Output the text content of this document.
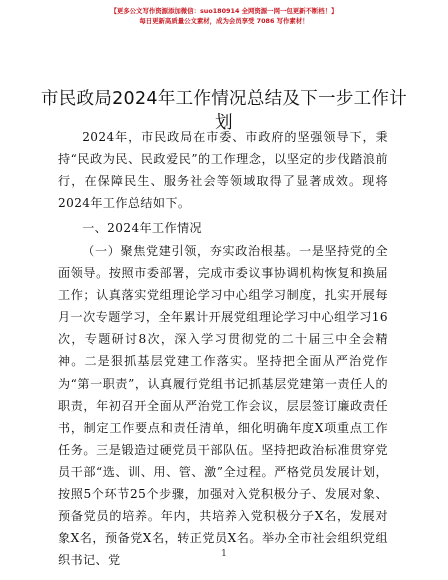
【更多公文写作资源添加微信：suo180914 全网资源一网一包更新不断档！】
每日更新高质量公文素材，成为会员享受 7086 写作素材！
市民政局2024年工作情况总结及下一步工作计划

2024年，市民政局在市委、市政府的坚强领导下，秉持“民政为民、民政爱民”的工作理念，以坚定的步伐踏浪前行，在保障民生、服务社会等领域取得了显著成效。现将2024年工作总结如下。

一、2024年工作情况

（一）聚焦党建引领，夯实政治根基。一是坚持党的全面领导。按照市委部署，完成市委议事协调机构恢复和换届工作；认真落实党组理论学习中心组学习制度，扎实开展每月一次专题学习，全年累计开展党组理论学习中心组学习16次，专题研讨8次，深入学习贯彻党的二十届三中全会精神。二是狠抓基层党建工作落实。坚持把全面从严治党作为“第一职责”，认真履行党组书记抓基层党建第一责任人的职责，年初召开全面从严治党工作会议，层层签订廉政责任书，制定工作要点和责任清单，细化明确年度X项重点工作任务。三是锻造过硬党员干部队伍。坚持把政治标准贯穿党员干部“选、训、用、管、激”全过程。严格党员发展计划，按照5个环节25个步骤，加强对入党积极分子、发展对象、预备党员的培养。年内，共培养入党积极分子X名，发展对象X名，预备党X名，转正党员X名。举办全市社会组织党组织书记、党	1
